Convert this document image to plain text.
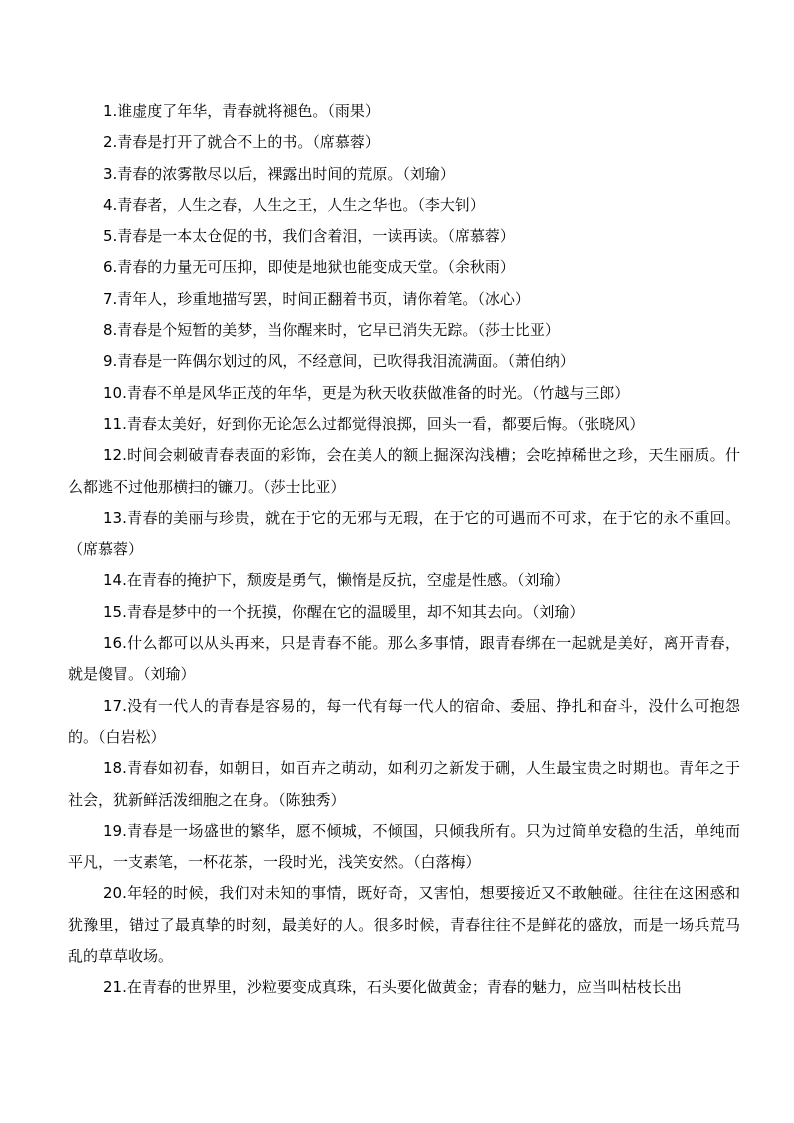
1.谁虚度了年华，青春就将褪色。（雨果）

2.青春是打开了就合不上的书。（席慕蓉）

3.青春的浓雾散尽以后，裸露出时间的荒原。（刘瑜）

4.青春者，人生之春，人生之王，人生之华也。（李大钊）

5.青春是一本太仓促的书，我们含着泪，一读再读。（席慕蓉）

6.青春的力量无可压抑，即使是地狱也能变成天堂。（余秋雨）

7.青年人，珍重地描写罢，时间正翻着书页，请你着笔。（冰心）

8.青春是个短暂的美梦，当你醒来时，它早已消失无踪。（莎士比亚）

9.青春是一阵偶尔划过的风，不经意间，已吹得我泪流满面。（萧伯纳）

10.青春不单是风华正茂的年华，更是为秋天收获做准备的时光。（竹越与三郎）

11.青春太美好，好到你无论怎么过都觉得浪掷，回头一看，都要后悔。（张晓风）

12.时间会刺破青春表面的彩饰，会在美人的额上掘深沟浅槽；会吃掉稀世之珍，天生丽质。什么都逃不过他那横扫的镰刀。（莎士比亚）

13.青春的美丽与珍贵，就在于它的无邪与无瑕，在于它的可遇而不可求，在于它的永不重回。（席慕蓉）

14.在青春的掩护下，颓废是勇气，懒惰是反抗，空虚是性感。（刘瑜）

15.青春是梦中的一个抚摸，你醒在它的温暖里，却不知其去向。（刘瑜）

16.什么都可以从头再来，只是青春不能。那么多事情，跟青春绑在一起就是美好，离开青春，就是傻冒。（刘瑜）

17.没有一代人的青春是容易的，每一代有每一代人的宿命、委屈、挣扎和奋斗，没什么可抱怨的。（白岩松）

18.青春如初春，如朝日，如百卉之萌动，如利刃之新发于硎，人生最宝贵之时期也。青年之于社会，犹新鲜活泼细胞之在身。（陈独秀）

19.青春是一场盛世的繁华，愿不倾城，不倾国，只倾我所有。只为过简单安稳的生活，单纯而平凡，一支素笔，一杯花茶，一段时光，浅笑安然。（白落梅）

20.年轻的时候，我们对未知的事情，既好奇，又害怕，想要接近又不敢触碰。往往在这困惑和犹豫里，错过了最真挚的时刻，最美好的人。很多时候，青春往往不是鲜花的盛放，而是一场兵荒马乱的草草收场。

21.在青春的世界里，沙粒要变成真珠，石头要化做黄金；青春的魅力，应当叫枯枝长出
